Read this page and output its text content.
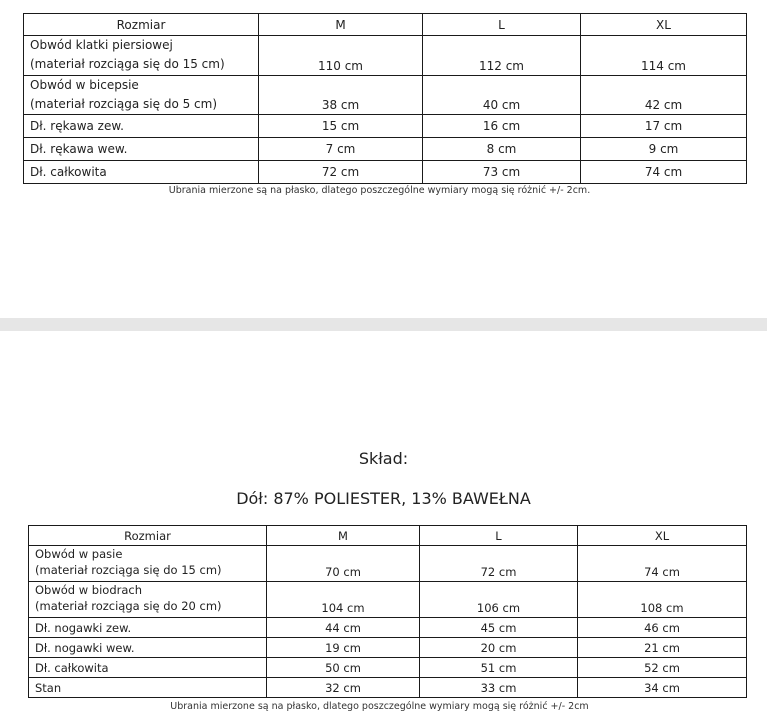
Rozmiar	M	L	XL

Obwód klatki piersiowej
(materiał rozciąga się do 15 cm)	110 cm	112 cm	114 cm

Obwód w bicepsie
(materiał rozciąga się do 5 cm)	38 cm	40 cm	42 cm
Dł. rękawa zew.	15 cm	16 cm	17 cm
Dł. rękawa wew.	7 cm	8 cm	9 cm
Dł. całkowita	72 cm	73 cm	74 cm
Ubrania mierzone są na płasko, dlatego poszczególne wymiary mogą się różnić +/- 2cm.
Skład:
Dół: 87% POLIESTER, 13% BAWEŁNA
Rozmiar	M	L	XL

Obwód w pasie
(materiał rozciąga się do 15 cm)	70 cm	72 cm	74 cm

Obwód w biodrach
(materiał rozciąga się do 20 cm)	104 cm	106 cm	108 cm
Dł. nogawki zew.	44 cm	45 cm	46 cm
Dł. nogawki wew.	19 cm	20 cm	21 cm
Dł. całkowita	50 cm	51 cm	52 cm
Stan	32 cm	33 cm	34 cm
Ubrania mierzone są na płasko, dlatego poszczególne wymiary mogą się różnić +/- 2cm
